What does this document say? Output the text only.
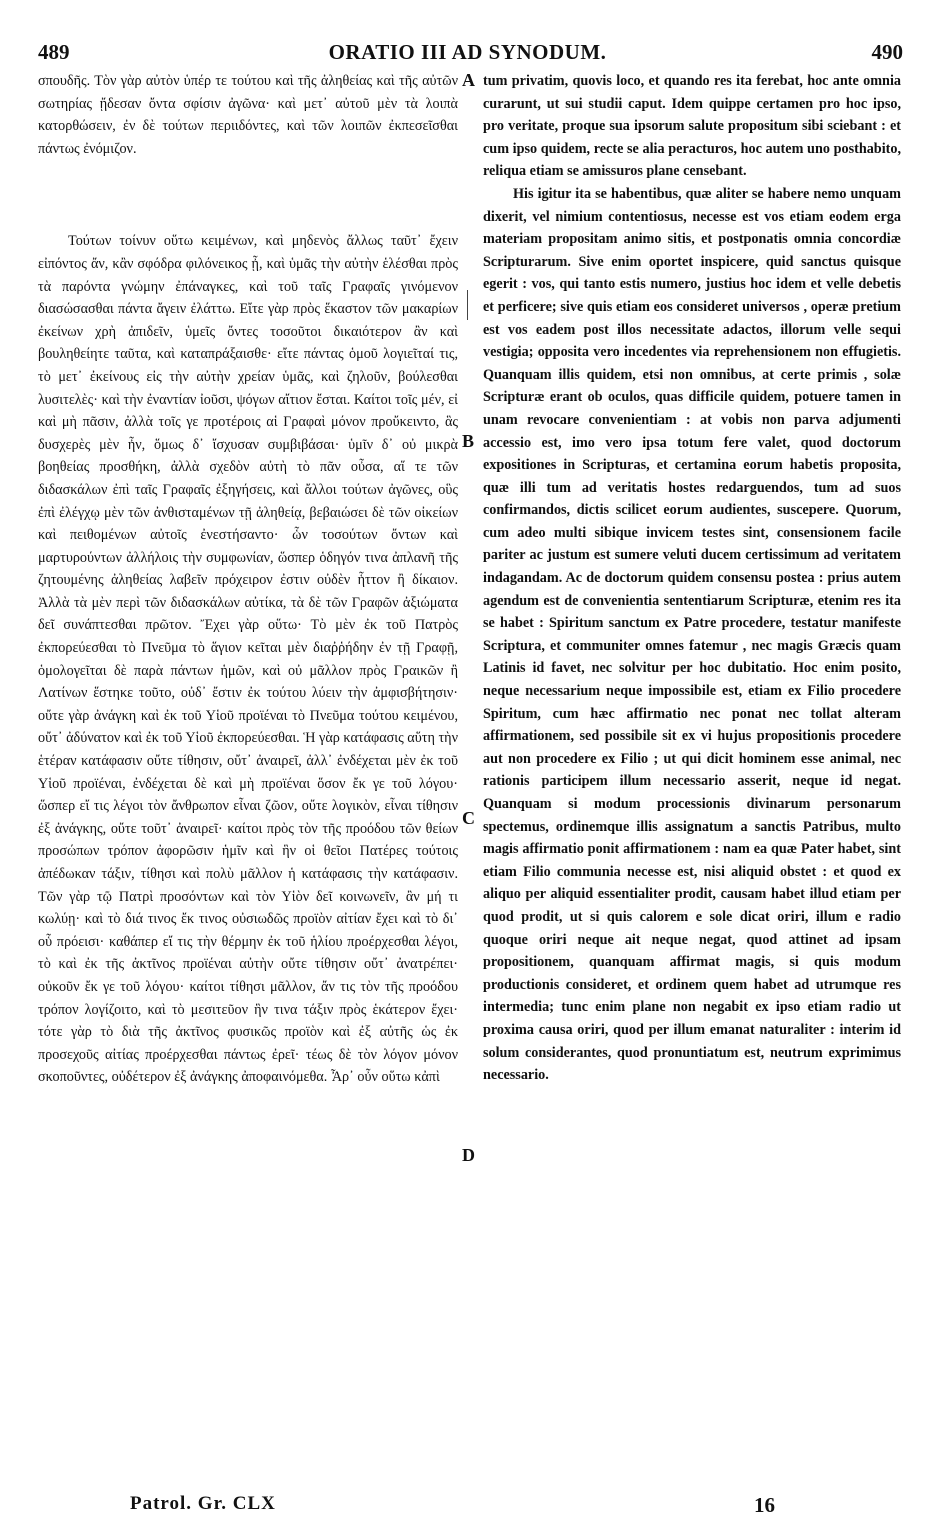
489	ORATIO III AD SYNODUM.	490

σπουδῆς. Τὸν γὰρ αὐτὸν ὑπέρ τε τούτου καὶ τῆς ἀληθείας καὶ τῆς αὐτῶν σωτηρίας ᾔδεσαν ὄντα σφίσιν ἀγῶνα· καὶ μετ᾽ αὐτοῦ μὲν τὰ λοιπὰ κατορθώσειν, ἐν δὲ τούτων περιιδόντες, καὶ τῶν λοιπῶν ἐκπεσεῖσθαι πάντως ἐνόμιζον.

Τούτων τοίνυν οὕτω κειμένων, καὶ μηδενὸς ἄλλως ταῦτ᾽ ἔχειν εἰπόντος ἄν, κἂν σφόδρα φιλόνεικος ᾖ, καὶ ὑμᾶς τὴν αὐτὴν ἑλέσθαι πρὸς τὰ παρόντα γνώμην ἐπάναγκες, καὶ τοῦ ταῖς Γραφαῖς γινόμενον διασώσασθαι πάντα ἄγειν ἐλάττω. Εἴτε γὰρ πρὸς ἕκαστον τῶν μακαρίων ἐκείνων χρὴ ἀπιδεῖν, ὑμεῖς ὄντες τοσοῦτοι δικαιότερον ἂν καὶ βουληθείητε ταῦτα, καὶ καταπράξαισθε· εἴτε πάντας ὁμοῦ λογιεῖταί τις, τὸ μετ᾽ ἐκείνους εἰς τὴν αὐτὴν χρείαν ὑμᾶς, καὶ ζηλοῦν, βούλεσθαι λυσιτελὲς· καὶ τὴν ἐναντίαν ἰοῦσι, ψόγων αἴτιον ἔσται. Καίτοι τοῖς μέν, εἰ καὶ μὴ πᾶσιν, ἀλλὰ τοῖς γε προτέροις αἱ Γραφαὶ μόνον προὔκειντο, ἃς δυσχερὲς μὲν ἦν, ὅμως δ᾽ ἴσχυσαν συμβιβάσαι· ὑμῖν δ᾽ οὐ μικρὰ βοηθείας προσθήκη, ἀλλὰ σχεδὸν αὐτὴ τὸ πᾶν οὖσα, αἵ τε τῶν διδασκάλων ἐπὶ ταῖς Γραφαῖς ἐξηγήσεις, καὶ ἄλλοι τούτων ἀγῶνες, οὓς ἐπὶ ἐλέγχῳ μὲν τῶν ἀνθισταμένων τῇ ἀληθείᾳ, βεβαιώσει δὲ τῶν οἰκείων καὶ πειθομένων αὐτοῖς ἐνεστήσαντο· ὧν τοσούτων ὄντων καὶ μαρτυρούντων ἀλλήλοις τὴν συμφωνίαν, ὥσπερ ὁδηγόν τινα ἀπλανῆ τῆς ζητουμένης ἀληθείας λαβεῖν πρόχειρον ἐστιν οὐδὲν ἧττον ἢ δίκαιον. Ἀλλὰ τὰ μὲν περὶ τῶν διδασκάλων αὐτίκα, τὰ δὲ τῶν Γραφῶν ἀξιώματα δεῖ συνάπτεσθαι πρῶτον. Ἔχει γὰρ οὕτω· Τὸ μὲν ἐκ τοῦ Πατρὸς ἐκπορεύεσθαι τὸ Πνεῦμα τὸ ἅγιον κεῖται μὲν διαῤῥήδην ἐν τῇ Γραφῇ, ὁμολογεῖται δὲ παρὰ πάντων ἡμῶν, καὶ οὐ μᾶλλον πρὸς Γραικῶν ἢ Λατίνων ἕστηκε τοῦτο, οὐδ᾽ ἔστιν ἐκ τούτου λύειν τὴν ἀμφισβήτησιν· οὔτε γὰρ ἀνάγκη καὶ ἐκ τοῦ Υἱοῦ προϊέναι τὸ Πνεῦμα τούτου κειμένου, οὔτ᾽ ἀδύνατον καὶ ἐκ τοῦ Υἱοῦ ἐκπορεύεσθαι. Ἡ γὰρ κατάφασις αὕτη τὴν ἑτέραν κατάφασιν οὔτε τίθησιν, οὔτ᾽ ἀναιρεῖ, ἀλλ᾽ ἐνδέχεται μὲν ἐκ τοῦ Υἱοῦ προϊέναι, ἐνδέχεται δὲ καὶ μὴ προϊέναι ὅσον ἔκ γε τοῦ λόγου· ὥσπερ εἴ τις λέγοι τὸν ἄνθρωπον εἶναι ζῶον, οὔτε λογικὸν, εἶναι τίθησιν ἐξ ἀνάγκης, οὔτε τοῦτ᾽ ἀναιρεῖ· καίτοι πρὸς τὸν τῆς προόδου τῶν θείων προσώπων τρόπον ἀφορῶσιν ἡμῖν καὶ ἣν οἱ θεῖοι Πατέρες τούτοις ἀπέδωκαν τάξιν, τίθησι καὶ πολὺ μᾶλλον ἡ κατάφασις τὴν κατάφασιν. Τῶν γὰρ τῷ Πατρὶ προσόντων καὶ τὸν Υἱὸν δεῖ κοινωνεῖν, ἂν μή τι κωλύῃ· καὶ τὸ διά τινος ἔκ τινος οὐσιωδῶς προϊὸν αἰτίαν ἔχει καὶ τὸ δι᾽ οὗ πρόεισι· καθάπερ εἴ τις τὴν θέρμην ἐκ τοῦ ἡλίου προέρχεσθαι λέγοι, τὸ καὶ ἐκ τῆς ἀκτῖνος προϊέναι αὐτὴν οὔτε τίθησιν οὔτ᾽ ἀνατρέπει· οὐκοῦν ἔκ γε τοῦ λόγου· καίτοι τίθησι μᾶλλον, ἄν τις τὸν τῆς προόδου τρόπον λογίζοιτο, καὶ τὸ μεσιτεῦον ἣν τινα τάξιν πρὸς ἑκάτερον ἔχει· τότε γὰρ τὸ διὰ τῆς ἀκτῖνος φυσικῶς προϊὸν καὶ ἐξ αὐτῆς ὡς ἐκ προσεχοῦς αἰτίας προέρχεσθαι πάντως ἐρεῖ· τέως δὲ τὸν λόγον μόνον σκοποῦντες, οὐδέτερον ἐξ ἀνάγκης ἀποφαινόμεθα. Ἆρ᾽ οὖν οὕτω κἀπὶ

A
B
C
D

tum privatim, quovis loco, et quando res ita ferebat, hoc ante omnia curarunt, ut sui studii caput. Idem quippe certamen pro hoc ipso, pro veritate, proque sua ipsorum salute propositum sibi sciebant : et cum ipso quidem, recte se alia peracturos, hoc autem uno posthabito, reliqua etiam se amissuros plane censebant.

His igitur ita se habentibus, quæ aliter se habere nemo unquam dixerit, vel nimium contentiosus, necesse est vos etiam eodem erga materiam propositam animo sitis, et postponatis omnia concordiæ Scripturarum. Sive enim oportet inspicere, quid sanctus quisque egerit : vos, qui tanto estis numero, justius hoc idem et velle debetis et perficere; sive quis etiam eos consideret universos , operæ pretium est vos eadem post illos necessitate adactos, illorum velle sequi vestigia; opposita vero incedentes via reprehensionem non effugietis. Quanquam illis quidem, etsi non omnibus, at certe primis , solæ Scripturæ erant ob oculos, quas difficile quidem, potuere tamen in unam revocare convenientiam : at vobis non parva adjumenti accessio est, imo vero ipsa totum fere valet, quod doctorum expositiones in Scripturas, et certamina eorum habetis proposita, quæ illi tum ad veritatis hostes redarguendos, tum ad suos confirmandos, dictis scilicet eorum audientes, suscepere. Quorum, cum adeo multi sibique invicem testes sint, consensionem facile pariter ac justum est sumere veluti ducem certissimum ad veritatem indagandam. Ac de doctorum quidem consensu postea : prius autem agendum est de convenientia sententiarum Scripturæ, etenim res ita se habet : Spiritum sanctum ex Patre procedere, testatur manifeste Scriptura, et communiter omnes fatemur , nec magis Græcis quam Latinis id favet, nec solvitur per hoc dubitatio. Hoc enim posito, neque necessarium neque impossibile est, etiam ex Filio procedere Spiritum, cum hæc affirmatio nec ponat nec tollat alteram affirmationem, sed possibile sit ex vi hujus propositionis procedere aut non procedere ex Filio ; ut qui dicit hominem esse animal, nec rationis participem illum necessario asserit, neque id negat. Quanquam si modum processionis divinarum personarum spectemus, ordinemque illis assignatum a sanctis Patribus, multo magis affirmatio ponit affirmationem : nam ea quæ Pater habet, sint etiam Filio communia necesse est, nisi aliquid obstet : et quod ex aliquo per aliquid essentialiter prodit, causam habet illud etiam per quod prodit, ut si quis calorem e sole dicat oriri, illum e radio quoque oriri neque ait neque negat, quod attinet ad ipsam propositionem, quanquam affirmat magis, si quis modum productionis consideret, et ordinem quem habet ad utrumque res intermedia; tunc enim plane non negabit ex ipso etiam radio ut proxima causa oriri, quod per illum emanat naturaliter : interim id solum considerantes, quod pronuntiatum est, neutrum exprimimus necessario.

Patrol. Gr. CLX	16
